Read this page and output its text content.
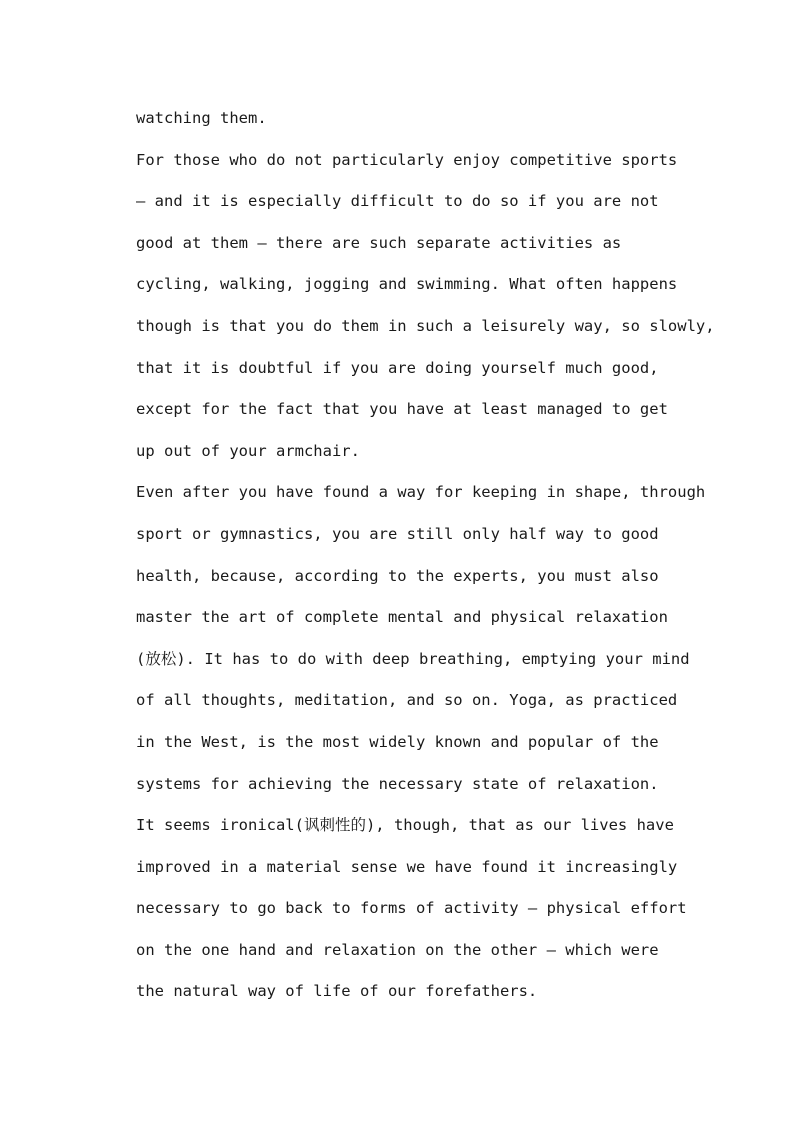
watching them.
For those who do not particularly enjoy competitive sports
— and it is especially difficult to do so if you are not
good at them — there are such separate activities as
cycling, walking, jogging and swimming. What often happens
though is that you do them in such a leisurely way, so slowly,
that it is doubtful if you are doing yourself much good,
except for the fact that you have at least managed to get
up out of your armchair.
Even after you have found a way for keeping in shape, through
sport or gymnastics, you are still only half way to good
health, because, according to the experts, you must also
master the art of complete mental and physical relaxation
(放松). It has to do with deep breathing, emptying your mind
of all thoughts, meditation, and so on. Yoga, as practiced
in the West, is the most widely known and popular of the
systems for achieving the necessary state of relaxation.
It seems ironical(讽刺性的), though, that as our lives have
improved in a material sense we have found it increasingly
necessary to go back to forms of activity — physical effort
on the one hand and relaxation on the other — which were
the natural way of life of our forefathers.
